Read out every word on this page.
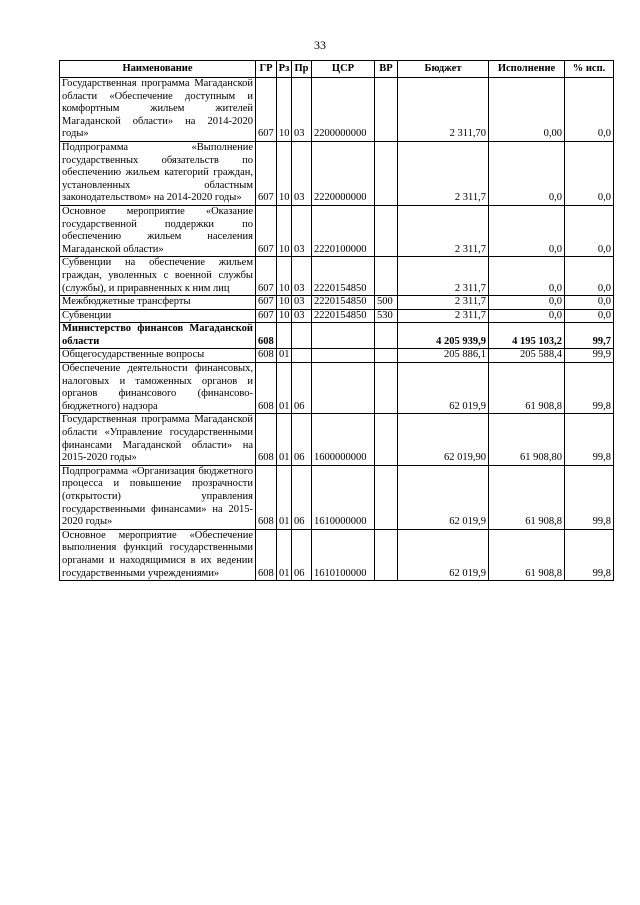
33
Наименование	ГР	Рз	Пр	ЦСР	ВР	Бюджет	Исполнение	% исп.
Государственная программа Магаданской области «Обеспечение доступным и комфортным жильем жителей Магаданской области» на 2014-2020 годы»	607	10	03	2200000000		2 311,70	0,00	0,0
Подпрограмма «Выполнение государственных обязательств по обеспечению жильем категорий граждан, установленных областным законодательством» на 2014-2020 годы»	607	10	03	2220000000		2 311,7	0,0	0,0
Основное мероприятие «Оказание государственной поддержки по обеспечению жильем населения Магаданской области»	607	10	03	2220100000		2 311,7	0,0	0,0
Субвенции на обеспечение жильем граждан, уволенных с военной службы (службы), и приравненных к ним лиц	607	10	03	2220154850		2 311,7	0,0	0,0
Межбюджетные трансферты	607	10	03	2220154850	500	2 311,7	0,0	0,0
Субвенции	607	10	03	2220154850	530	2 311,7	0,0	0,0
Министерство финансов Магаданской области	608					4 205 939,9	4 195 103,2	99,7
Общегосударственные вопросы	608	01				205 886,1	205 588,4	99,9
Обеспечение деятельности финансовых, налоговых и таможенных органов и органов финансового (финансово-бюджетного) надзора	608	01	06			62 019,9	61 908,8	99,8
Государственная программа Магаданской области «Управление государственными финансами Магаданской области» на 2015-2020 годы»	608	01	06	1600000000		62 019,90	61 908,80	99,8
Подпрограмма «Организация бюджетного процесса и повышение прозрачности (открытости) управления государственными финансами» на 2015-2020 годы»	608	01	06	1610000000		62 019,9	61 908,8	99,8
Основное мероприятие «Обеспечение выполнения функций государственными органами и находящимися в их ведении государственными учреждениями»	608	01	06	1610100000		62 019,9	61 908,8	99,8
